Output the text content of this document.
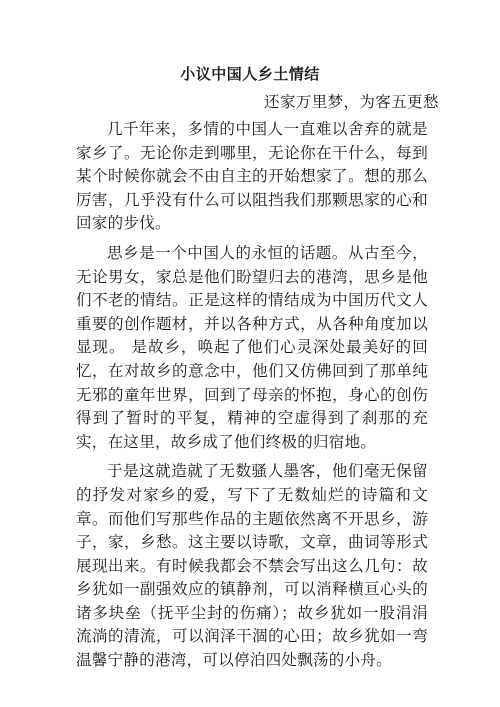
小议中国人乡土情结
还家万里梦，为客五更愁

几千年来，多情的中国人一直难以舍弃的就是家乡了。无论你走到哪里，无论你在干什么，每到某个时候你就会不由自主的开始想家了。想的那么厉害，几乎没有什么可以阻挡我们那颗思家的心和回家的步伐。

思乡是一个中国人的永恒的话题。从古至今，无论男女，家总是他们盼望归去的港湾，思乡是他们不老的情结。正是这样的情结成为中国历代文人重要的创作题材，并以各种方式，从各种角度加以显现。 是故乡，唤起了他们心灵深处最美好的回忆，在对故乡的意念中，他们又仿佛回到了那单纯无邪的童年世界，回到了母亲的怀抱，身心的创伤得到了暂时的平复，精神的空虚得到了刹那的充实，在这里，故乡成了他们终极的归宿地。

于是这就造就了无数骚人墨客，他们毫无保留的抒发对家乡的爱，写下了无数灿烂的诗篇和文章。而他们写那些作品的主题依然离不开思乡，游子，家，乡愁。这主要以诗歌，文章，曲词等形式展现出来。有时候我都会不禁会写出这么几句：故乡犹如一副强效应的镇静剂，可以消释横亘心头的诸多块垒（抚平尘封的伤痛）；故乡犹如一股涓涓流淌的清流，可以润泽干涸的心田；故乡犹如一弯温馨宁静的港湾，可以停泊四处飘荡的小舟。
